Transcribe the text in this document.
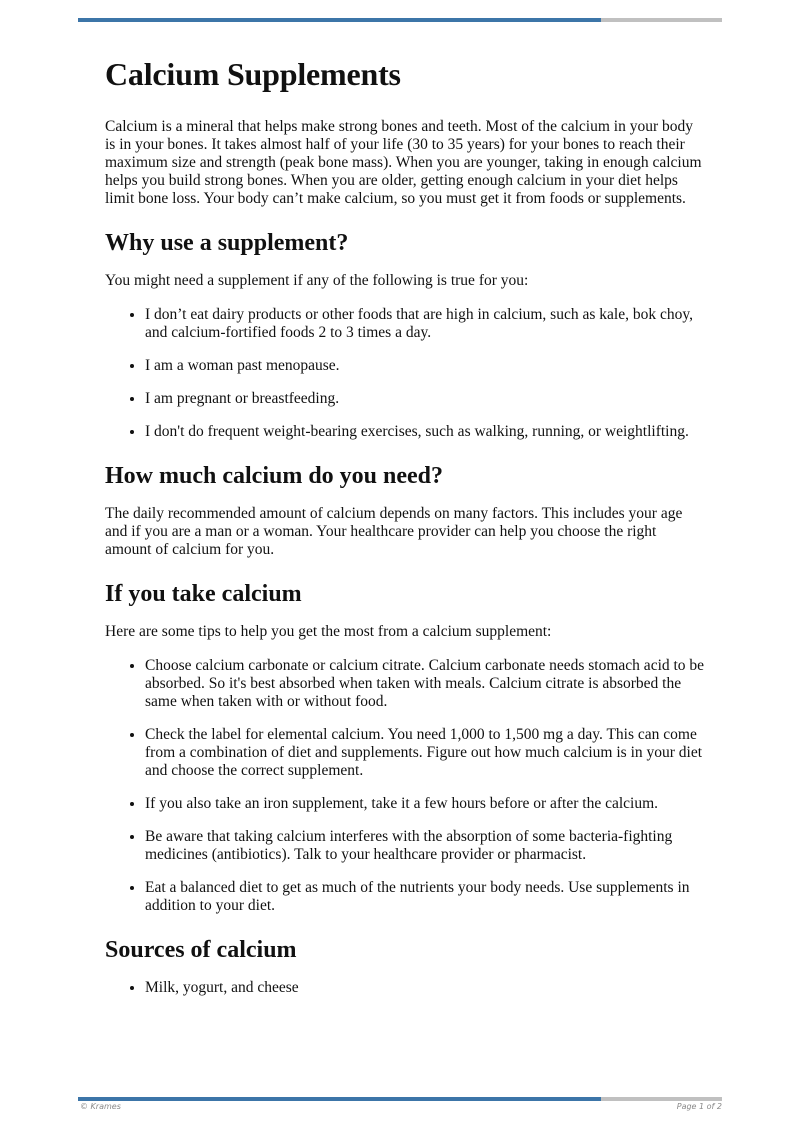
Calcium Supplements

Calcium is a mineral that helps make strong bones and teeth. Most of the calcium in your body is in your bones. It takes almost half of your life (30 to 35 years) for your bones to reach their maximum size and strength (peak bone mass). When you are younger, taking in enough calcium helps you build strong bones. When you are older, getting enough calcium in your diet helps limit bone loss. Your body can’t make calcium, so you must get it from foods or supplements.

Why use a supplement?

You might need a supplement if any of the following is true for you:

• I don’t eat dairy products or other foods that are high in calcium, such as kale, bok choy, and calcium-fortified foods 2 to 3 times a day.
• I am a woman past menopause.
• I am pregnant or breastfeeding.
• I don't do frequent weight-bearing exercises, such as walking, running, or weightlifting.
How much calcium do you need?

The daily recommended amount of calcium depends on many factors. This includes your age and if you are a man or a woman. Your healthcare provider can help you choose the right amount of calcium for you.

If you take calcium

Here are some tips to help you get the most from a calcium supplement:

• Choose calcium carbonate or calcium citrate. Calcium carbonate needs stomach acid to be absorbed. So it's best absorbed when taken with meals. Calcium citrate is absorbed the same when taken with or without food.
• Check the label for elemental calcium. You need 1,000 to 1,500 mg a day. This can come from a combination of diet and supplements. Figure out how much calcium is in your diet and choose the correct supplement.
• If you also take an iron supplement, take it a few hours before or after the calcium.
• Be aware that taking calcium interferes with the absorption of some bacteria-fighting medicines (antibiotics). Talk to your healthcare provider or pharmacist.
• Eat a balanced diet to get as much of the nutrients your body needs. Use supplements in addition to your diet.
Sources of calcium
• Milk, yogurt, and cheese
© Krames	Page 1 of 2
